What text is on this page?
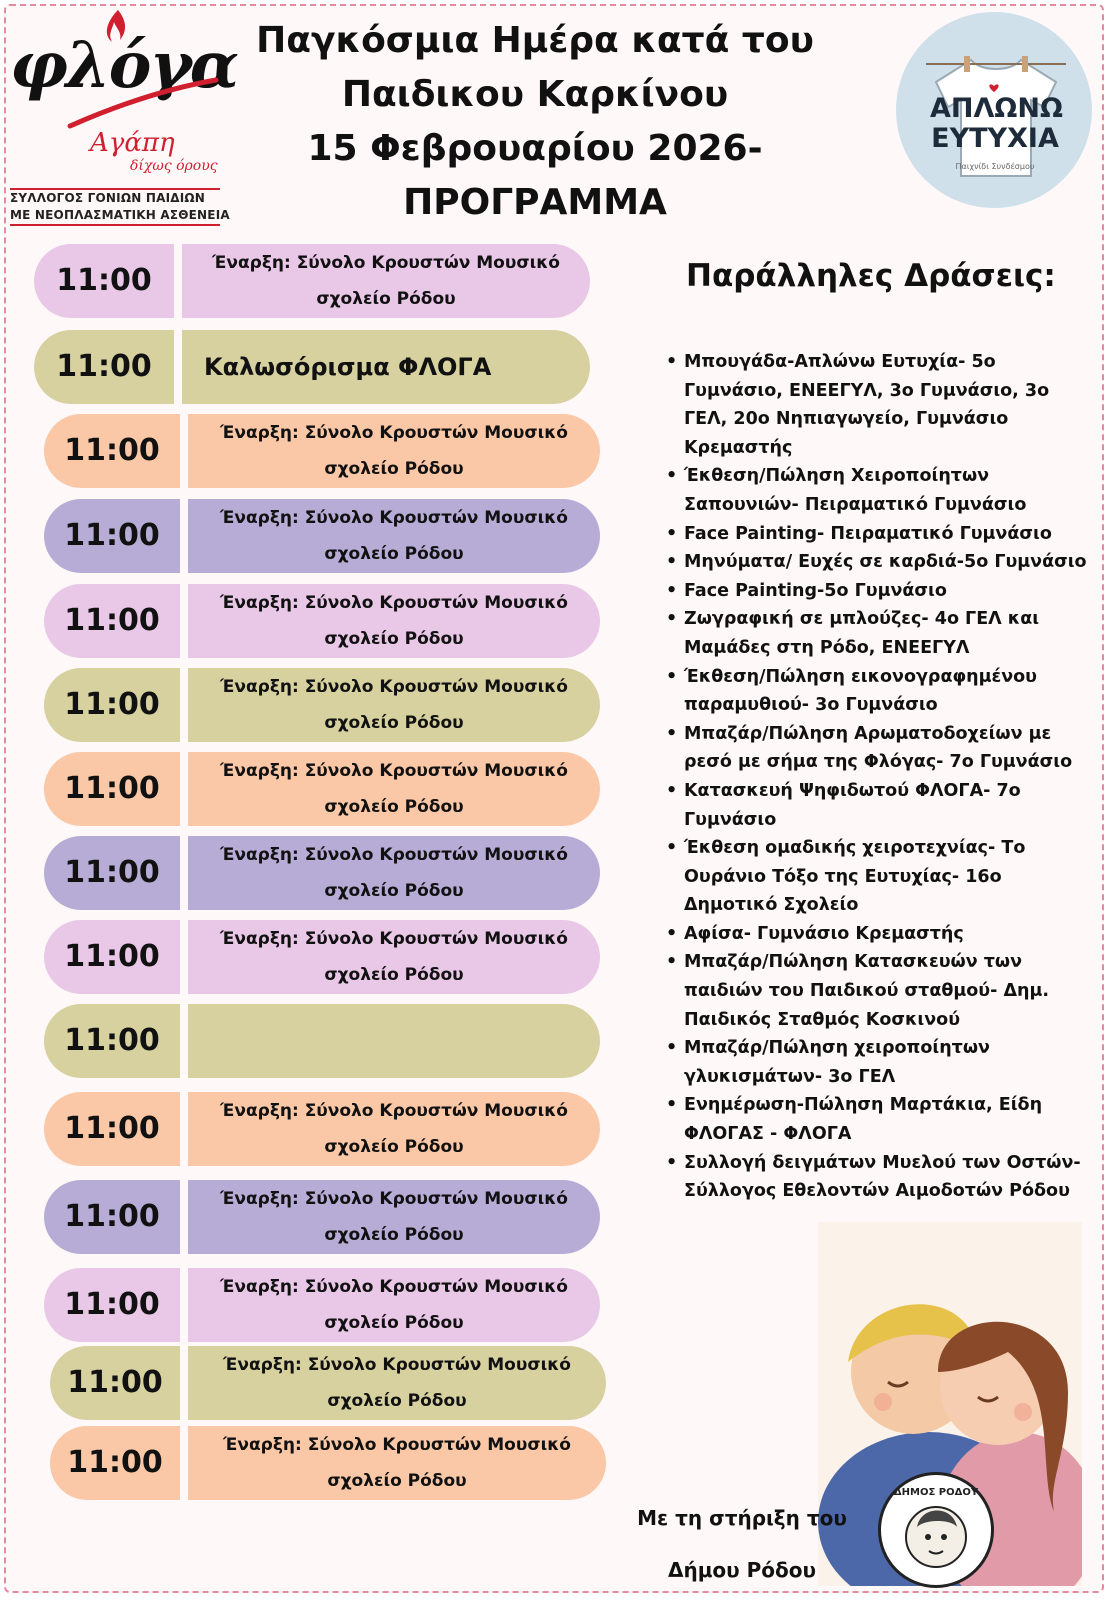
φλόγα
Αγάπη
δίχως όρους
ΣΥΛΛΟΓΟΣ ΓΟΝΙΩΝ ΠΑΙΔΙΩΝ
ΜΕ ΝΕΟΠΛΑΣΜΑΤΙΚΗ ΑΣΘΕΝΕΙΑ
Παγκόσμια Ημέρα κατά του
Παιδικου Καρκίνου
15 Φεβρουαρίου 2026-
ΠΡΟΓΡΑΜΜΑ
ΑΠΛΩΝΩ
ΕΥΤΥΧΙΑ
Παιχνίδι Συνδέσμου
11:00	Έναρξη: Σύνολο Κρουστών Μουσικό
σχολείο Ρόδου
11:00	Καλωσόρισμα ΦΛΟΓΑ
11:00	Έναρξη: Σύνολο Κρουστών Μουσικό
σχολείο Ρόδου
11:00	Έναρξη: Σύνολο Κρουστών Μουσικό
σχολείο Ρόδου
11:00	Έναρξη: Σύνολο Κρουστών Μουσικό
σχολείο Ρόδου
11:00	Έναρξη: Σύνολο Κρουστών Μουσικό
σχολείο Ρόδου
11:00	Έναρξη: Σύνολο Κρουστών Μουσικό
σχολείο Ρόδου
11:00	Έναρξη: Σύνολο Κρουστών Μουσικό
σχολείο Ρόδου
11:00	Έναρξη: Σύνολο Κρουστών Μουσικό
σχολείο Ρόδου
11:00
11:00	Έναρξη: Σύνολο Κρουστών Μουσικό
σχολείο Ρόδου
11:00	Έναρξη: Σύνολο Κρουστών Μουσικό
σχολείο Ρόδου
11:00	Έναρξη: Σύνολο Κρουστών Μουσικό
σχολείο Ρόδου
11:00	Έναρξη: Σύνολο Κρουστών Μουσικό
σχολείο Ρόδου
11:00	Έναρξη: Σύνολο Κρουστών Μουσικό
σχολείο Ρόδου
Παράλληλες Δράσεις:
• Μπουγάδα-Απλώνω Ευτυχία- 5ο Γυμνάσιο, ΕΝΕΕΓΥΛ, 3ο Γυμνάσιο, 3ο ΓΕΛ, 20ο Νηπιαγωγείο, Γυμνάσιο Κρεμαστής
• Έκθεση/Πώληση Χειροποίητων Σαπουνιών- Πειραματικό Γυμνάσιο
• Face Painting- Πειραματικό Γυμνάσιο
• Μηνύματα/ Ευχές σε καρδιά-5ο Γυμνάσιο
• Face Painting-5ο Γυμνάσιο
• Ζωγραφική σε μπλούζες- 4ο ΓΕΛ και Μαμάδες στη Ρόδο, ΕΝΕΕΓΥΛ
• Έκθεση/Πώληση εικονογραφημένου παραμυθιού- 3ο Γυμνάσιο
• Μπαζάρ/Πώληση Αρωματοδοχείων με ρεσό με σήμα της Φλόγας- 7ο Γυμνάσιο
• Κατασκευή Ψηφιδωτού ΦΛΟΓΑ- 7ο Γυμνάσιο
• Έκθεση ομαδικής χειροτεχνίας- Το Ουράνιο Τόξο της Ευτυχίας- 16ο Δημοτικό Σχολείο
• Αφίσα- Γυμνάσιο Κρεμαστής
• Μπαζάρ/Πώληση Κατασκευών των παιδιών του Παιδικού σταθμού- Δημ. Παιδικός Σταθμός Κοσκινού
• Μπαζάρ/Πώληση χειροποίητων γλυκισμάτων- 3ο ΓΕΛ
• Ενημέρωση-Πώληση Μαρτάκια, Είδη ΦΛΟΓΑΣ - ΦΛΟΓΑ
• Συλλογή δειγμάτων Μυελού των Οστών- Σύλλογος Εθελοντών Αιμοδοτών Ρόδου
Με τη στήριξη του
Δήμου Ρόδου
ΔΗΜΟΣ ΡΟΔΟΥ
